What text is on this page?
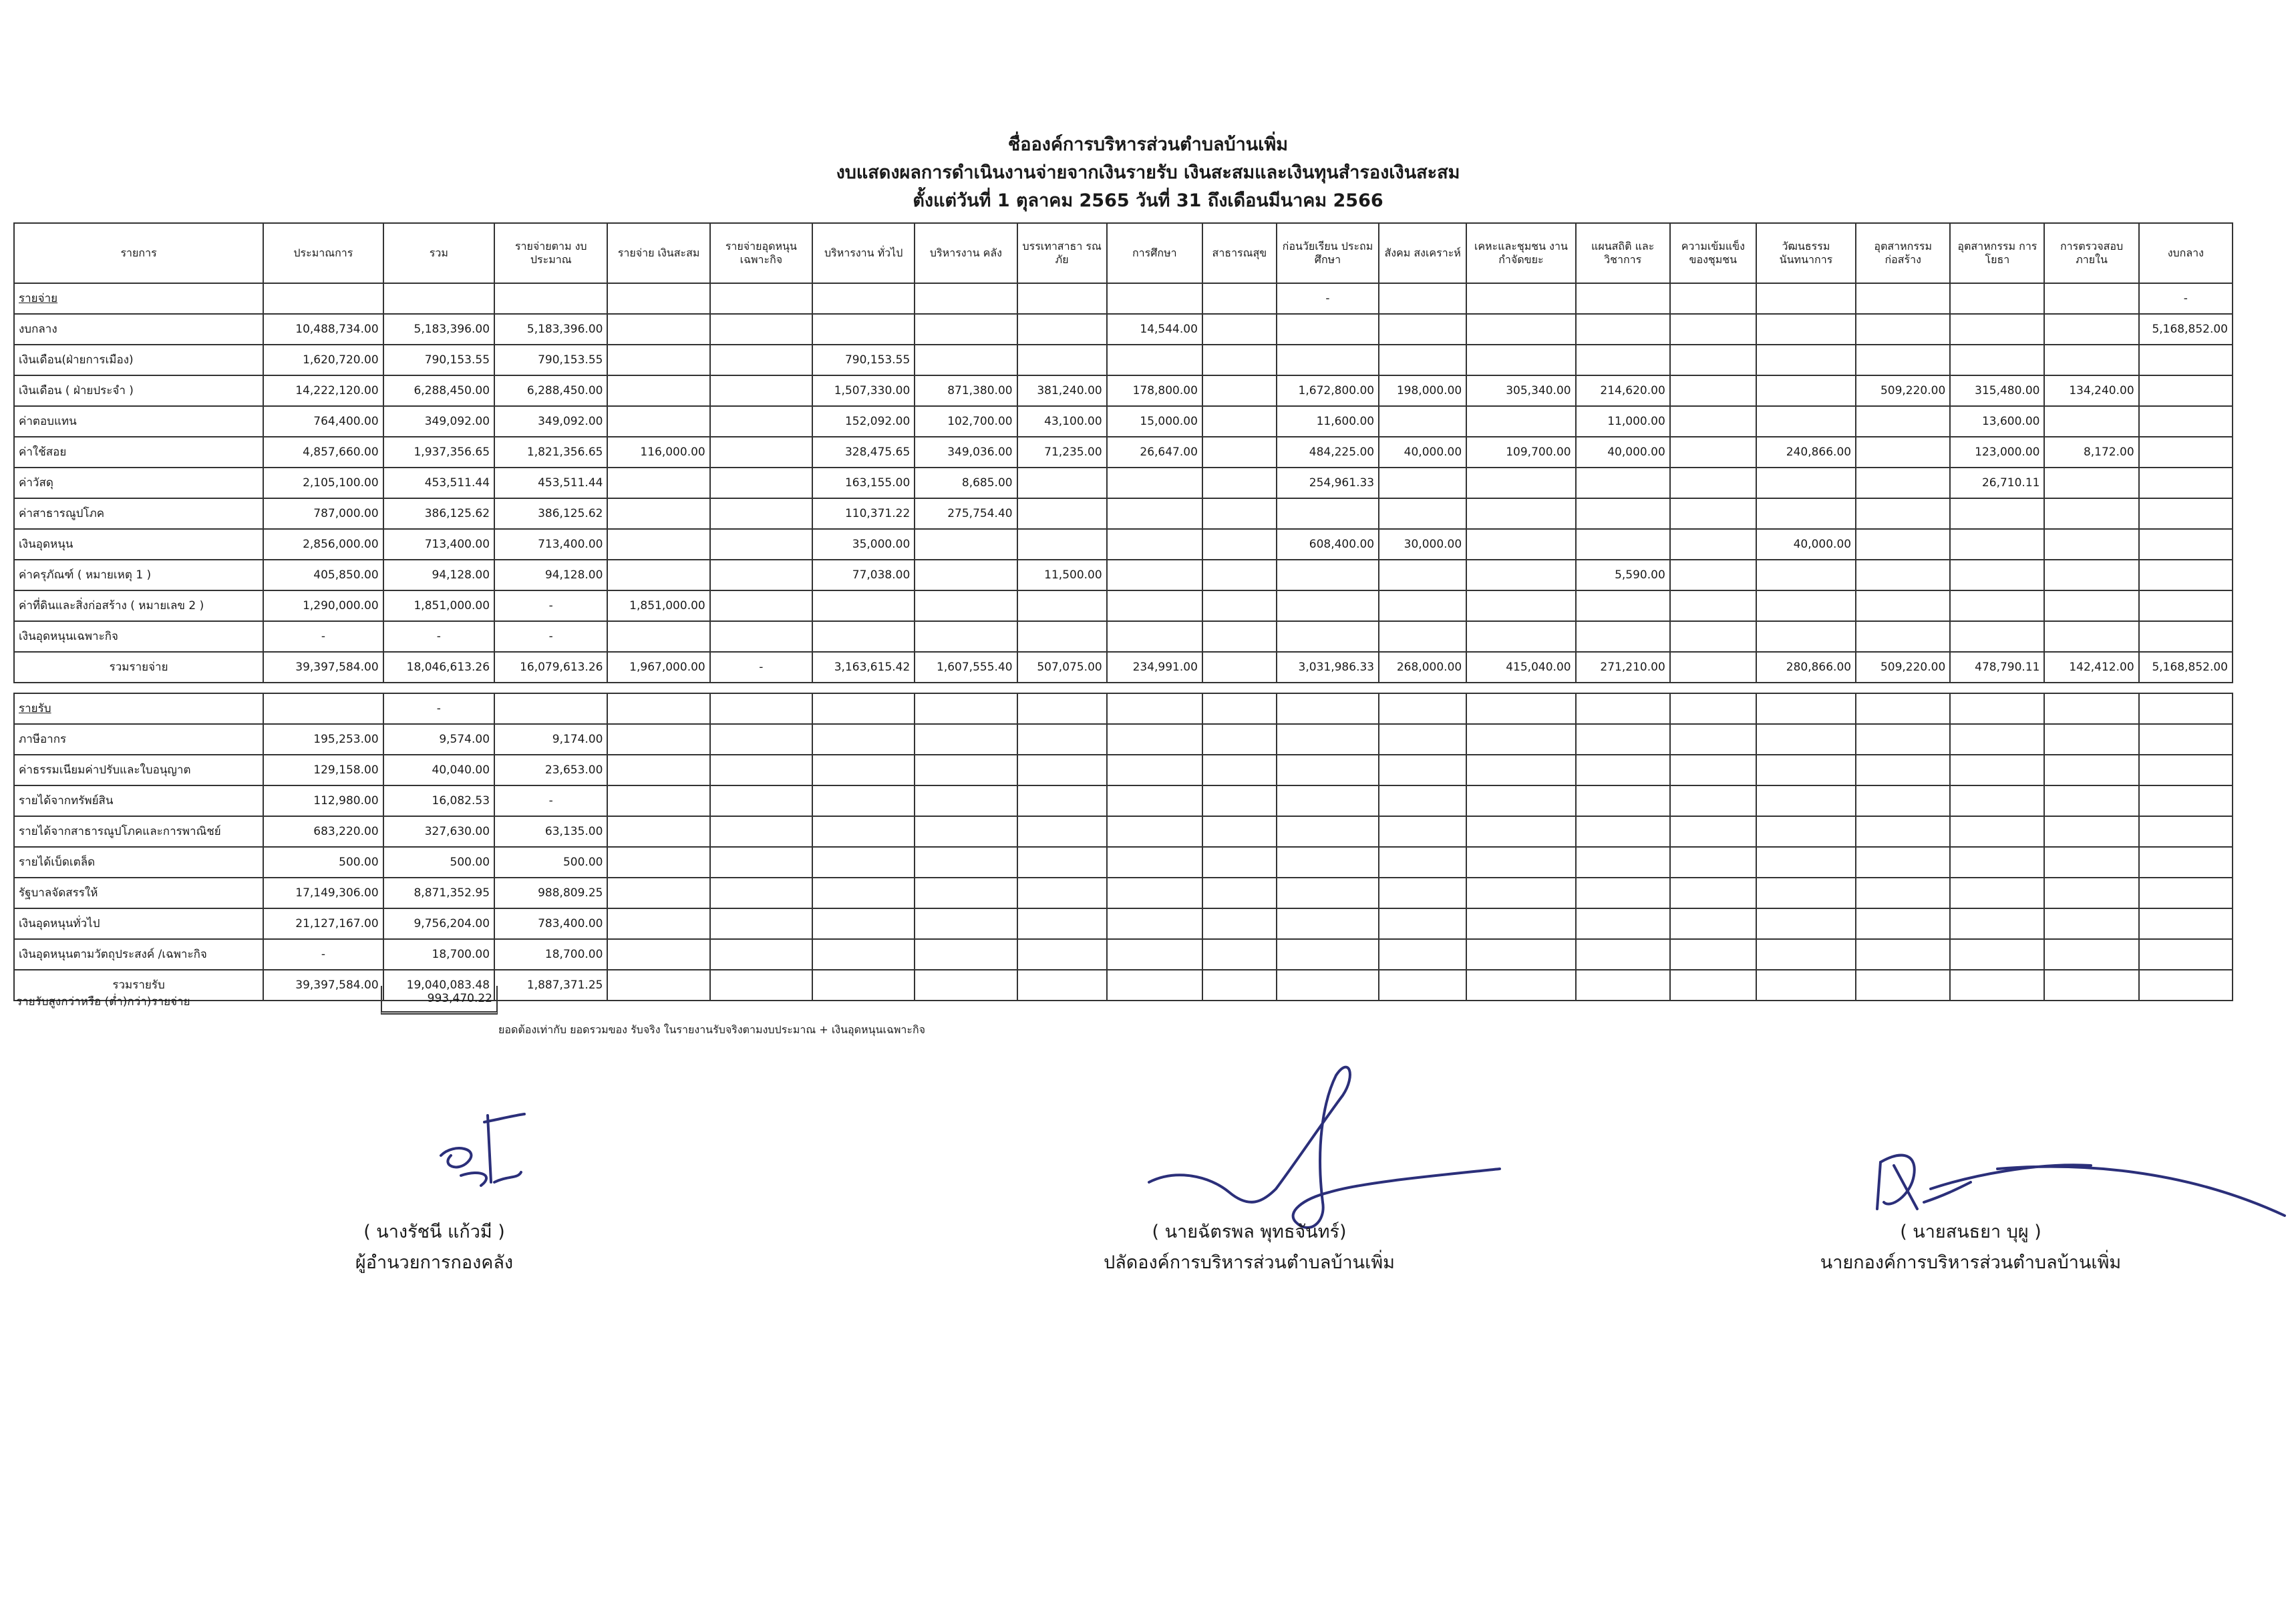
ชื่อองค์การบริหารส่วนตำบลบ้านเพิ่ม
งบแสดงผลการดำเนินงานจ่ายจากเงินรายรับ เงินสะสมและเงินทุนสำรองเงินสะสม
ตั้งแต่วันที่ 1 ตุลาคม 2565 วันที่ 31 ถึงเดือนมีนาคม 2566
รายการ	ประมาณการ	รวม	รายจ่ายตาม งบประมาณ	รายจ่าย เงินสะสม	รายจ่ายอุดหนุน เฉพาะกิจ	บริหารงาน ทั่วไป	บริหารงาน คลัง	บรรเทาสาธา รณภัย	การศึกษา	สาธารณสุข	ก่อนวัยเรียน ประถมศึกษา	สังคม สงเคราะห์	เคหะและชุมชน งานกำจัดขยะ	แผนสถิติ และวิชาการ	ความเข้มแข็ง ของชุมชน	วัฒนธรรม นันทนาการ	อุตสาหกรรม ก่อสร้าง	อุตสาหกรรม การโยธา	การตรวจสอบ ภายใน	งบกลาง
รายจ่าย											-									-
งบกลาง	10,488,734.00	5,183,396.00	5,183,396.00						14,544.00											5,168,852.00
เงินเดือน(ฝ่ายการเมือง)	1,620,720.00	790,153.55	790,153.55			790,153.55														
เงินเดือน ( ฝ่ายประจำ )	14,222,120.00	6,288,450.00	6,288,450.00			1,507,330.00	871,380.00	381,240.00	178,800.00		1,672,800.00	198,000.00	305,340.00	214,620.00			509,220.00	315,480.00	134,240.00	
ค่าตอบแทน	764,400.00	349,092.00	349,092.00			152,092.00	102,700.00	43,100.00	15,000.00		11,600.00			11,000.00				13,600.00		
ค่าใช้สอย	4,857,660.00	1,937,356.65	1,821,356.65	116,000.00		328,475.65	349,036.00	71,235.00	26,647.00		484,225.00	40,000.00	109,700.00	40,000.00		240,866.00		123,000.00	8,172.00	
ค่าวัสดุ	2,105,100.00	453,511.44	453,511.44			163,155.00	8,685.00				254,961.33							26,710.11		
ค่าสาธารณูปโภค	787,000.00	386,125.62	386,125.62			110,371.22	275,754.40													
เงินอุดหนุน	2,856,000.00	713,400.00	713,400.00			35,000.00					608,400.00	30,000.00				40,000.00				
ค่าครุภัณฑ์ ( หมายเหตุ 1 )	405,850.00	94,128.00	94,128.00			77,038.00		11,500.00						5,590.00						
ค่าที่ดินและสิ่งก่อสร้าง ( หมายเลข 2 )	1,290,000.00	1,851,000.00	-	1,851,000.00																
เงินอุดหนุนเฉพาะกิจ	-	-	-																	
รวมรายจ่าย	39,397,584.00	18,046,613.26	16,079,613.26	1,967,000.00	-	3,163,615.42	1,607,555.40	507,075.00	234,991.00		3,031,986.33	268,000.00	415,040.00	271,210.00		280,866.00	509,220.00	478,790.11	142,412.00	5,168,852.00

รายรับ		-																		
ภาษีอากร	195,253.00	9,574.00	9,174.00																	
ค่าธรรมเนียมค่าปรับและใบอนุญาต	129,158.00	40,040.00	23,653.00																	
รายได้จากทรัพย์สิน	112,980.00	16,082.53	-																	
รายได้จากสาธารณูปโภคและการพาณิชย์	683,220.00	327,630.00	63,135.00																	
รายได้เบ็ดเตล็ด	500.00	500.00	500.00																	
รัฐบาลจัดสรรให้	17,149,306.00	8,871,352.95	988,809.25																	
เงินอุดหนุนทั่วไป	21,127,167.00	9,756,204.00	783,400.00																	
เงินอุดหนุนตามวัตถุประสงค์ /เฉพาะกิจ	-	18,700.00	18,700.00																	
รวมรายรับ	39,397,584.00	19,040,083.48	1,887,371.25																	
รายรับสูงกว่าหรือ (ต่ำ)กว่า)รายจ่าย	993,470.22
ยอดต้องเท่ากับ ยอดรวมของ รับจริง ในรายงานรับจริงตามงบประมาณ + เงินอุดหนุนเฉพาะกิจ
( นางรัชนี แก้วมี )
ผู้อำนวยการกองคลัง
( นายฉัตรพล พุทธจันทร์)
ปลัดองค์การบริหารส่วนตำบลบ้านเพิ่ม
( นายสนธยา บุผู )
นายกองค์การบริหารส่วนตำบลบ้านเพิ่ม
